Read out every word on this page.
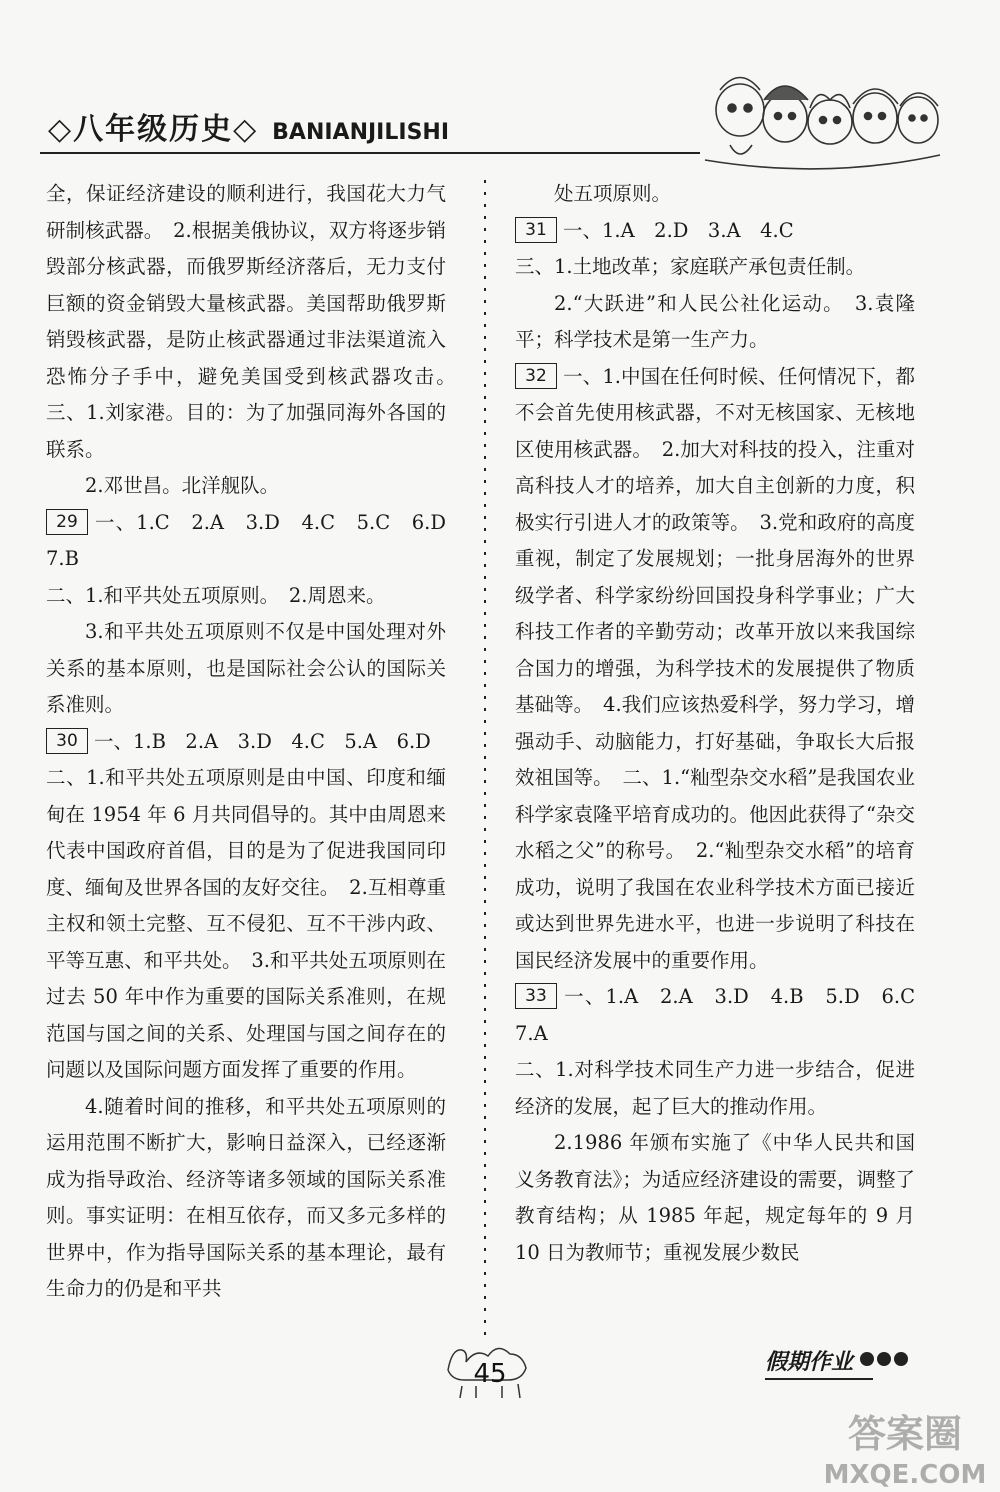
◇八年级历史◇ BANIANJILISHI

全，保证经济建设的顺利进行，我国花大力气研制核武器。　2.根据美俄协议，双方将逐步销毁部分核武器，而俄罗斯经济落后，无力支付巨额的资金销毁大量核武器。美国帮助俄罗斯销毁核武器，是防止核武器通过非法渠道流入恐怖分子手中，避免美国受到核武器攻击。　三、1.刘家港。目的：为了加强同海外各国的联系。

2.邓世昌。北洋舰队。

29 一、1.C　2.A　3.D　4.C　5.C　6.D　7.B

二、1.和平共处五项原则。　2.周恩来。

3.和平共处五项原则不仅是中国处理对外关系的基本原则，也是国际社会公认的国际关系准则。

30 一、1.B　2.A　3.D　4.C　5.A　6.D

二、1.和平共处五项原则是由中国、印度和缅甸在 1954 年 6 月共同倡导的。其中由周恩来代表中国政府首倡，目的是为了促进我国同印度、缅甸及世界各国的友好交往。　2.互相尊重主权和领土完整、互不侵犯、互不干涉内政、平等互惠、和平共处。　3.和平共处五项原则在过去 50 年中作为重要的国际关系准则，在规范国与国之间的关系、处理国与国之间存在的问题以及国际问题方面发挥了重要的作用。

4.随着时间的推移，和平共处五项原则的运用范围不断扩大，影响日益深入，已经逐渐成为指导政治、经济等诸多领域的国际关系准则。事实证明：在相互依存，而又多元多样的世界中，作为指导国际关系的基本理论，最有生命力的仍是和平共

处五项原则。

31 一、1.A　2.D　3.A　4.C

三、1.土地改革；家庭联产承包责任制。

2.“大跃进”和人民公社化运动。　3.袁隆平；科学技术是第一生产力。

32 一、1.中国在任何时候、任何情况下，都不会首先使用核武器，不对无核国家、无核地区使用核武器。　2.加大对科技的投入，注重对高科技人才的培养，加大自主创新的力度，积极实行引进人才的政策等。　3.党和政府的高度重视，制定了发展规划；一批身居海外的世界级学者、科学家纷纷回国投身科学事业；广大科技工作者的辛勤劳动；改革开放以来我国综合国力的增强，为科学技术的发展提供了物质基础等。　4.我们应该热爱科学，努力学习，增强动手、动脑能力，打好基础，争取长大后报效祖国等。　二、1.“籼型杂交水稻”是我国农业科学家袁隆平培育成功的。他因此获得了“杂交水稻之父”的称号。　2.“籼型杂交水稻”的培育成功，说明了我国在农业科学技术方面已接近或达到世界先进水平，也进一步说明了科技在国民经济发展中的重要作用。

33 一、1.A　2.A　3.D　4.B　5.D　6.C　7.A

二、1.对科学技术同生产力进一步结合，促进经济的发展，起了巨大的推动作用。

2.1986 年颁布实施了《中华人民共和国义务教育法》；为适应经济建设的需要，调整了教育结构；从 1985 年起，规定每年的 9 月 10 日为教师节；重视发展少数民

45	假期作业
答案圈
MXQE.COM
